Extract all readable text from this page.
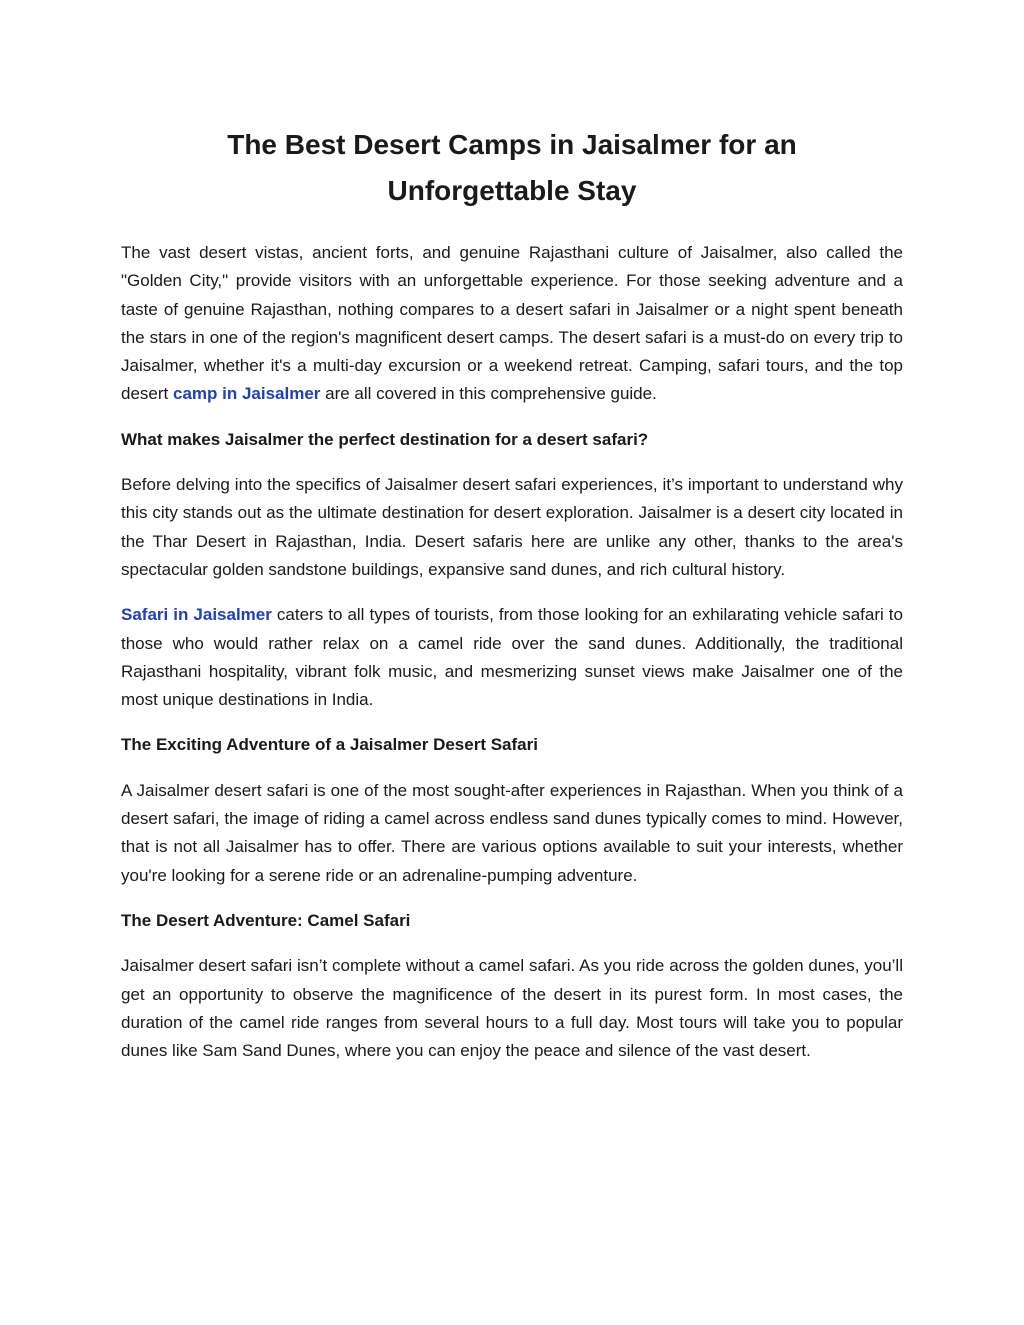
The Best Desert Camps in Jaisalmer for an
Unforgettable Stay

The vast desert vistas, ancient forts, and genuine Rajasthani culture of Jaisalmer, also called the "Golden City," provide visitors with an unforgettable experience. For those seeking adventure and a taste of genuine Rajasthan, nothing compares to a desert safari in Jaisalmer or a night spent beneath the stars in one of the region's magnificent desert camps. The desert safari is a must-do on every trip to Jaisalmer, whether it's a multi-day excursion or a weekend retreat. Camping, safari tours, and the top desert camp in Jaisalmer are all covered in this comprehensive guide.

What makes Jaisalmer the perfect destination for a desert safari?

Before delving into the specifics of Jaisalmer desert safari experiences, it’s important to understand why this city stands out as the ultimate destination for desert exploration. Jaisalmer is a desert city located in the Thar Desert in Rajasthan, India. Desert safaris here are unlike any other, thanks to the area's spectacular golden sandstone buildings, expansive sand dunes, and rich cultural history.

Safari in Jaisalmer caters to all types of tourists, from those looking for an exhilarating vehicle safari to those who would rather relax on a camel ride over the sand dunes. Additionally, the traditional Rajasthani hospitality, vibrant folk music, and mesmerizing sunset views make Jaisalmer one of the most unique destinations in India.

The Exciting Adventure of a Jaisalmer Desert Safari

A Jaisalmer desert safari is one of the most sought-after experiences in Rajasthan. When you think of a desert safari, the image of riding a camel across endless sand dunes typically comes to mind. However, that is not all Jaisalmer has to offer. There are various options available to suit your interests, whether you're looking for a serene ride or an adrenaline-pumping adventure.

The Desert Adventure: Camel Safari

Jaisalmer desert safari isn’t complete without a camel safari. As you ride across the golden dunes, you’ll get an opportunity to observe the magnificence of the desert in its purest form. In most cases, the duration of the camel ride ranges from several hours to a full day. Most tours will take you to popular dunes like Sam Sand Dunes, where you can enjoy the peace and silence of the vast desert.
